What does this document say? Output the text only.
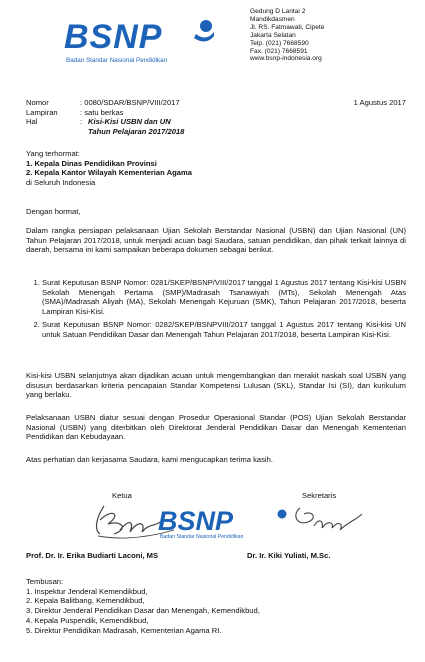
BSNP
Badan Standar Nasional Pendidikan
Gedung D Lantai 2
Mandikdasmen
Jl. RS. Fatmawati, Cipete
Jakarta Selatan
Telp. (021) 7668590
Fax. (021) 7668591
www.bsnp-indonesia.org
1 Agustus 2017
Nomor	: 0080/SDAR/BSNP/VIII/2017
Lampiran	: satu berkas
Hal	: Kisi-Kisi USBN dan UN
Tahun Pelajaran 2017/2018
Yang terhormat:
1. Kepala Dinas Pendidikan Provinsi
2. Kepala Kantor Wilayah Kementerian Agama
di Seluruh Indonesia

Dengan hormat,

Dalam rangka persiapan pelaksanaan Ujian Sekolah Berstandar Nasional (USBN) dan Ujian Nasional (UN) Tahun Pelajaran 2017/2018, untuk menjadi acuan bagi Saudara, satuan pendidikan, dan pihak terkait lainnya di daerah, bersama ini kami sampaikan beberapa dokumen sebagai berikut.

1. Surat Keputusan BSNP Nomor: 0281/SKEP/BSNP/VIII/2017 tanggal 1 Agustus 2017 tentang Kisi-kisi USBN Sekolah Menengah Pertama (SMP)/Madrasah Tsanawiyah (MTs), Sekolah Menengah Atas (SMA)/Madrasah Aliyah (MA), Sekolah Menengah Kejuruan (SMK), Tahun Pelajaran 2017/2018, beserta Lampiran Kisi-Kisi.
2. Surat Keputusan BSNP Nomor: 0282/SKEP/BSNPVIII/2017 tanggal 1 Agustus 2017 tentang Kisi-kisi UN untuk Satuan Pendidikan Dasar dan Menengah Tahun Pelajaran 2017/2018, beserta Lampiran Kisi-Kisi.

Kisi-kisi USBN selanjutnya akan dijadikan acuan untuk mengembangkan dan merakit naskah soal USBN yang disusun berdasarkan kriteria pencapaian Standar Kompetensi Lulusan (SKL), Standar Isi (SI), dan kurikulum yang berlaku.

Pelaksanaan USBN diatur sesuai dengan Prosedur Operasional Standar (POS) Ujian Sekolah Berstandar Nasional (USBN) yang diterbitkan oleh Direktorat Jenderal Pendidikan Dasar dan Menengah Kementerian Pendidikan dan Kebudayaan.

Atas perhatian dan kerjasama Saudara, kami mengucapkan terima kasih.

Ketua	Sekretaris
BSNP
Badan Standar Nasional Pendidikan
Prof. Dr. Ir. Erika Budiarti Laconi, MS	Dr. Ir. Kiki Yuliati, M.Sc.
Tembusan:
1. Inspektur Jenderal Kemendikbud,
2. Kepala Balitbang, Kemendikbud,
3. Direktur Jenderal Pendidikan Dasar dan Menengah, Kemendikbud,
4. Kepala Puspendik, Kemendikbud,
5. Direktur Pendidikan Madrasah, Kementerian Agama RI.
